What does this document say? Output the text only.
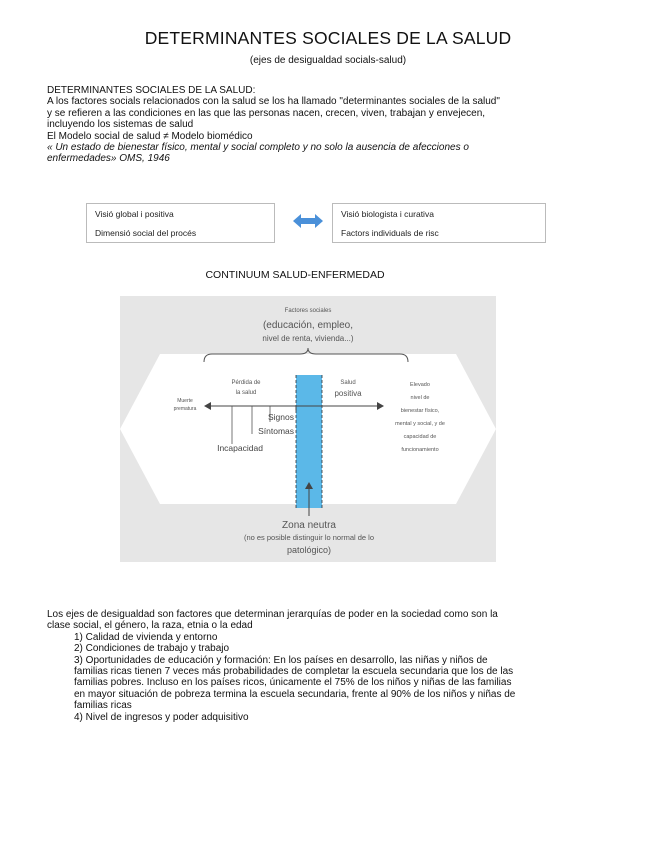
DETERMINANTES SOCIALES DE LA SALUD
(ejes de desigualdad socials-salud)

DETERMINANTES SOCIALES DE LA SALUD:

A los factores socials relacionados con la salud se los ha llamado "determinantes sociales de la salud"

y se refieren a las condiciones en las que las personas nacen, crecen, viven, trabajan y envejecen,

incluyendo los sistemas de salud

El Modelo social de salud ≠ Modelo biomédico

« Un estado de bienestar físico, mental y social completo y no solo la ausencia de afecciones o

enfermedades» OMS, 1946

Visió global i positiva
Dimensió social del procés
Visió biologista i curativa
Factors individuals de risc
CONTINUUM SALUD-ENFERMEDAD
Factores sociales
(educación, empleo,
nivel de renta, vivienda...)
Muerte
prematura
Pérdida de
la salud
Salud
positiva
Elevado
nivel de
bienestar físico,
mental y social, y de
capacidad de
funcionamiento
Signos
Síntomas
Incapacidad
Zona neutra
(no es posible distinguir lo normal de lo
patológico)

Los ejes de desigualdad son factores que determinan jerarquías de poder en la sociedad como son la

clase social, el género, la raza, etnia o la edad

1) Calidad de vivienda y entorno

2) Condiciones de trabajo y trabajo

3) Oportunidades de educación y formación: En los países en desarrollo, las niñas y niños de

familias ricas tienen 7 veces más probabilidades de completar la escuela secundaria que los de las

familias pobres. Incluso en los países ricos, únicamente el 75% de los niños y niñas de las familias

en mayor situación de pobreza termina la escuela secundaria, frente al 90% de los niños y niñas de

familias ricas

4) Nivel de ingresos y poder adquisitivo
